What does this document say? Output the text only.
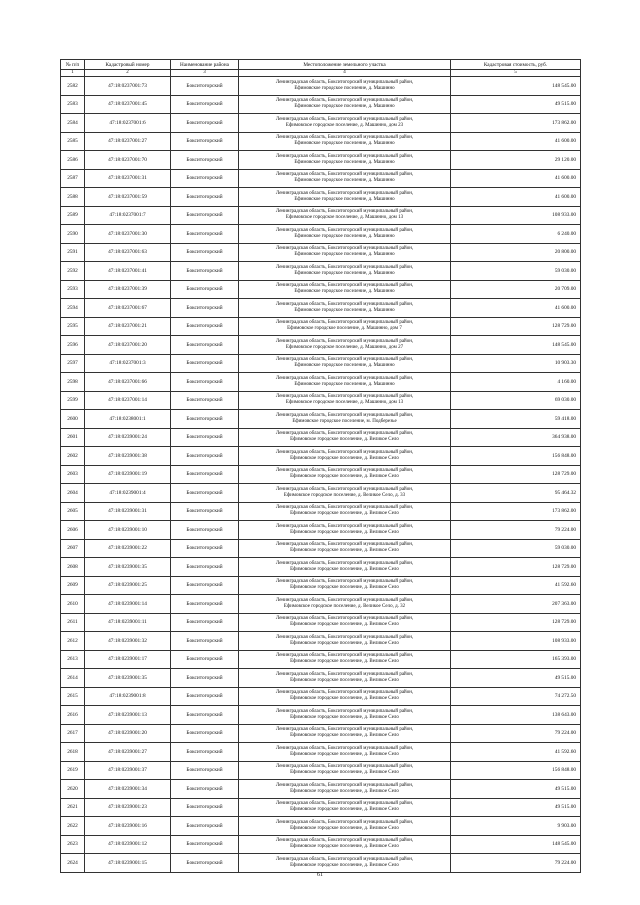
№ п/п	Кадастровый номер	Наименование района	Местоположение земельного участка	Кадастровая стоимость, руб.
1	2	3	4	5
2582	47:18:0237001:73	Бокситогорский	Ленинградская область, Бокситогорский муниципальный район,
Ефимовское городское поселение, д. Машинно	148 545.00
2583	47:18:0237001:45	Бокситогорский	Ленинградская область, Бокситогорский муниципальный район,
Ефимовское городское поселение, д. Машинно	49 515.00
2584	47:18:0237001:6	Бокситогорский	Ленинградская область, Бокситогорский муниципальный район,
Ефимовское городское поселение, д. Машинно, дом 23	173 862.00
2585	47:18:0237001:27	Бокситогорский	Ленинградская область, Бокситогорский муниципальный район,
Ефимовское городское поселение, д. Машинно	41 600.00
2586	47:18:0237001:70	Бокситогорский	Ленинградская область, Бокситогорский муниципальный район,
Ефимовское городское поселение, д. Машинно	29 120.00
2587	47:18:0237001:31	Бокситогорский	Ленинградская область, Бокситогорский муниципальный район,
Ефимовское городское поселение, д. Машинно	41 600.00
2588	47:18:0237001:59	Бокситогорский	Ленинградская область, Бокситогорский муниципальный район,
Ефимовское городское поселение, д. Машинно	41 600.00
2589	47:18:0237001:7	Бокситогорский	Ленинградская область, Бокситогорский муниципальный район,
Ефимовское городское поселение, д. Машинно, дом 13	108 933.00
2590	47:18:0237001:30	Бокситогорский	Ленинградская область, Бокситогорский муниципальный район,
Ефимовское городское поселение, д. Машинно	6 240.00
2591	47:18:0237001:63	Бокситогорский	Ленинградская область, Бокситогорский муниципальный район,
Ефимовское городское поселение, д. Машинно	20 800.00
2592	47:18:0237001:41	Бокситогорский	Ленинградская область, Бокситогорский муниципальный район,
Ефимовское городское поселение, д. Машинно	59 030.00
2593	47:18:0237001:39	Бокситогорский	Ленинградская область, Бокситогорский муниципальный район,
Ефимовское городское поселение, д. Машинно	20 709.00
2594	47:18:0237001:67	Бокситогорский	Ленинградская область, Бокситогорский муниципальный район,
Ефимовское городское поселение, д. Машинно	41 600.00
2595	47:18:0237001:21	Бокситогорский	Ленинградская область, Бокситогорский муниципальный район,
Ефимовское городское поселение, д. Машинно, дом 7	128 729.00
2596	47:18:0237001:20	Бокситогорский	Ленинградская область, Бокситогорский муниципальный район,
Ефимовское городское поселение, д. Машинно, дом 27	148 545.00
2597	47:18:0237001:3	Бокситогорский	Ленинградская область, Бокситогорский муниципальный район,
Ефимовское городское поселение, д. Машинно	10 903.30
2598	47:18:0237001:66	Бокситогорский	Ленинградская область, Бокситогорский муниципальный район,
Ефимовское городское поселение, д. Машинно	4 160.00
2599	47:18:0237001:14	Бокситогорский	Ленинградская область, Бокситогорский муниципальный район,
Ефимовское городское поселение, д. Машинно, дом 13	69 030.00
2600	47:18:0238001:1	Бокситогорский	Ленинградская область, Бокситогорский муниципальный район,
Ефимовское городское поселение, м. Подберезье	59 418.00
2601	47:18:0239001:24	Бокситогорский	Ленинградская область, Бокситогорский муниципальный район,
Ефимовское городское поселение, д. Великое Село	364 938.00
2602	47:18:0239001:38	Бокситогорский	Ленинградская область, Бокситогорский муниципальный район,
Ефимовское городское поселение, д. Великое Село	156 848.00
2603	47:18:0239001:19	Бокситогорский	Ленинградская область, Бокситогорский муниципальный район,
Ефимовское городское поселение, д. Великое Село	128 729.00
2604	47:18:0239001:4	Бокситогорский	Ленинградская область, Бокситогорский муниципальный район,
Ефимовское городское поселение, д. Великое Село, д. 33	95 464.32
2605	47:18:0239001:31	Бокситогорский	Ленинградская область, Бокситогорский муниципальный район,
Ефимовское городское поселение, д. Великое Село	173 862.00
2606	47:18:0239001:10	Бокситогорский	Ленинградская область, Бокситогорский муниципальный район,
Ефимовское городское поселение, д. Великое Село	79 224.00
2607	47:18:0239001:22	Бокситогорский	Ленинградская область, Бокситогорский муниципальный район,
Ефимовское городское поселение, д. Великое Село	59 030.00
2608	47:18:0239001:35	Бокситогорский	Ленинградская область, Бокситогорский муниципальный район,
Ефимовское городское поселение, д. Великое Село	128 729.00
2609	47:18:0239001:25	Бокситогорский	Ленинградская область, Бокситогорский муниципальный район,
Ефимовское городское поселение, д. Великое Село	41 592.60
2610	47:18:0239001:14	Бокситогорский	Ленинградская область, Бокситогорский муниципальный район,
Ефимовское городское поселение, д. Великое Село, д. 32	207 363.00
2611	47:18:0239001:11	Бокситогорский	Ленинградская область, Бокситогорский муниципальный район,
Ефимовское городское поселение, д. Великое Село	128 729.00
2612	47:18:0239001:32	Бокситогорский	Ленинградская область, Бокситогорский муниципальный район,
Ефимовское городское поселение, д. Великое Село	108 933.00
2613	47:18:0239001:17	Бокситогорский	Ленинградская область, Бокситогорский муниципальный район,
Ефимовское городское поселение, д. Великое Село	165 393.00
2614	47:18:0239001:35	Бокситогорский	Ленинградская область, Бокситогорский муниципальный район,
Ефимовское городское поселение, д. Великое Село	49 515.00
2615	47:18:0239001:8	Бокситогорский	Ленинградская область, Бокситогорский муниципальный район,
Ефимовское городское поселение, д. Великое Село	74 272.50
2616	47:18:0239001:13	Бокситогорский	Ленинградская область, Бокситогорский муниципальный район,
Ефимовское городское поселение, д. Великое Село	138 643.00
2617	47:18:0239001:20	Бокситогорский	Ленинградская область, Бокситогорский муниципальный район,
Ефимовское городское поселение, д. Великое Село	79 224.00
2618	47:18:0239001:27	Бокситогорский	Ленинградская область, Бокситогорский муниципальный район,
Ефимовское городское поселение, д. Великое Село	41 592.60
2619	47:18:0239001:37	Бокситогорский	Ленинградская область, Бокситогорский муниципальный район,
Ефимовское городское поселение, д. Великое Село	156 848.00
2620	47:18:0239001:34	Бокситогорский	Ленинградская область, Бокситогорский муниципальный район,
Ефимовское городское поселение, д. Великое Село	49 515.00
2621	47:18:0239001:23	Бокситогорский	Ленинградская область, Бокситогорский муниципальный район,
Ефимовское городское поселение, д. Великое Село	49 515.00
2622	47:18:0239001:16	Бокситогорский	Ленинградская область, Бокситогорский муниципальный район,
Ефимовское городское поселение, д. Великое Село	9 903.00
2623	47:18:0239001:12	Бокситогорский	Ленинградская область, Бокситогорский муниципальный район,
Ефимовское городское поселение, д. Великое Село	148 545.00
2624	47:18:0239001:15	Бокситогорский	Ленинградская область, Бокситогорский муниципальный район,
Ефимовское городское поселение, д. Великое Село	79 224.00
61
